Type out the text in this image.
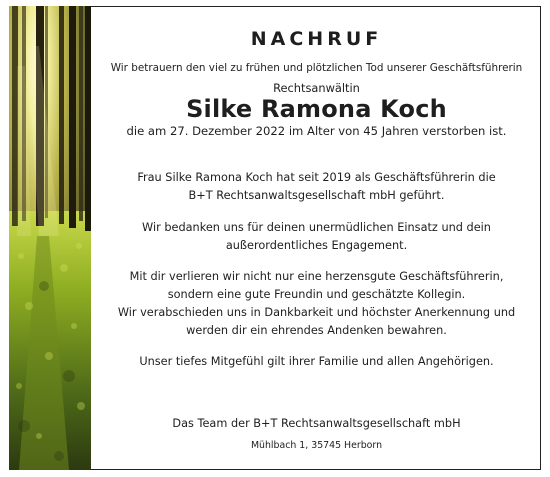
NACHRUF
Wir betrauern den viel zu frühen und plötzlichen Tod unserer Geschäftsführerin
Rechtsanwältin
Silke Ramona Koch
die am 27. Dezember 2022 im Alter von 45 Jahren verstorben ist.
Frau Silke Ramona Koch hat seit 2019 als Geschäftsführerin die
B+T Rechtsanwaltsgesellschaft mbH geführt.
Wir bedanken uns für deinen unermüdlichen Einsatz und dein
außerordentliches Engagement.
Mit dir verlieren wir nicht nur eine herzensgute Geschäftsführerin,
sondern eine gute Freundin und geschätzte Kollegin.
Wir verabschieden uns in Dankbarkeit und höchster Anerkennung und
werden dir ein ehrendes Andenken bewahren.
Unser tiefes Mitgefühl gilt ihrer Familie und allen Angehörigen.
Das Team der B+T Rechtsanwaltsgesellschaft mbH
Mühlbach 1, 35745 Herborn
